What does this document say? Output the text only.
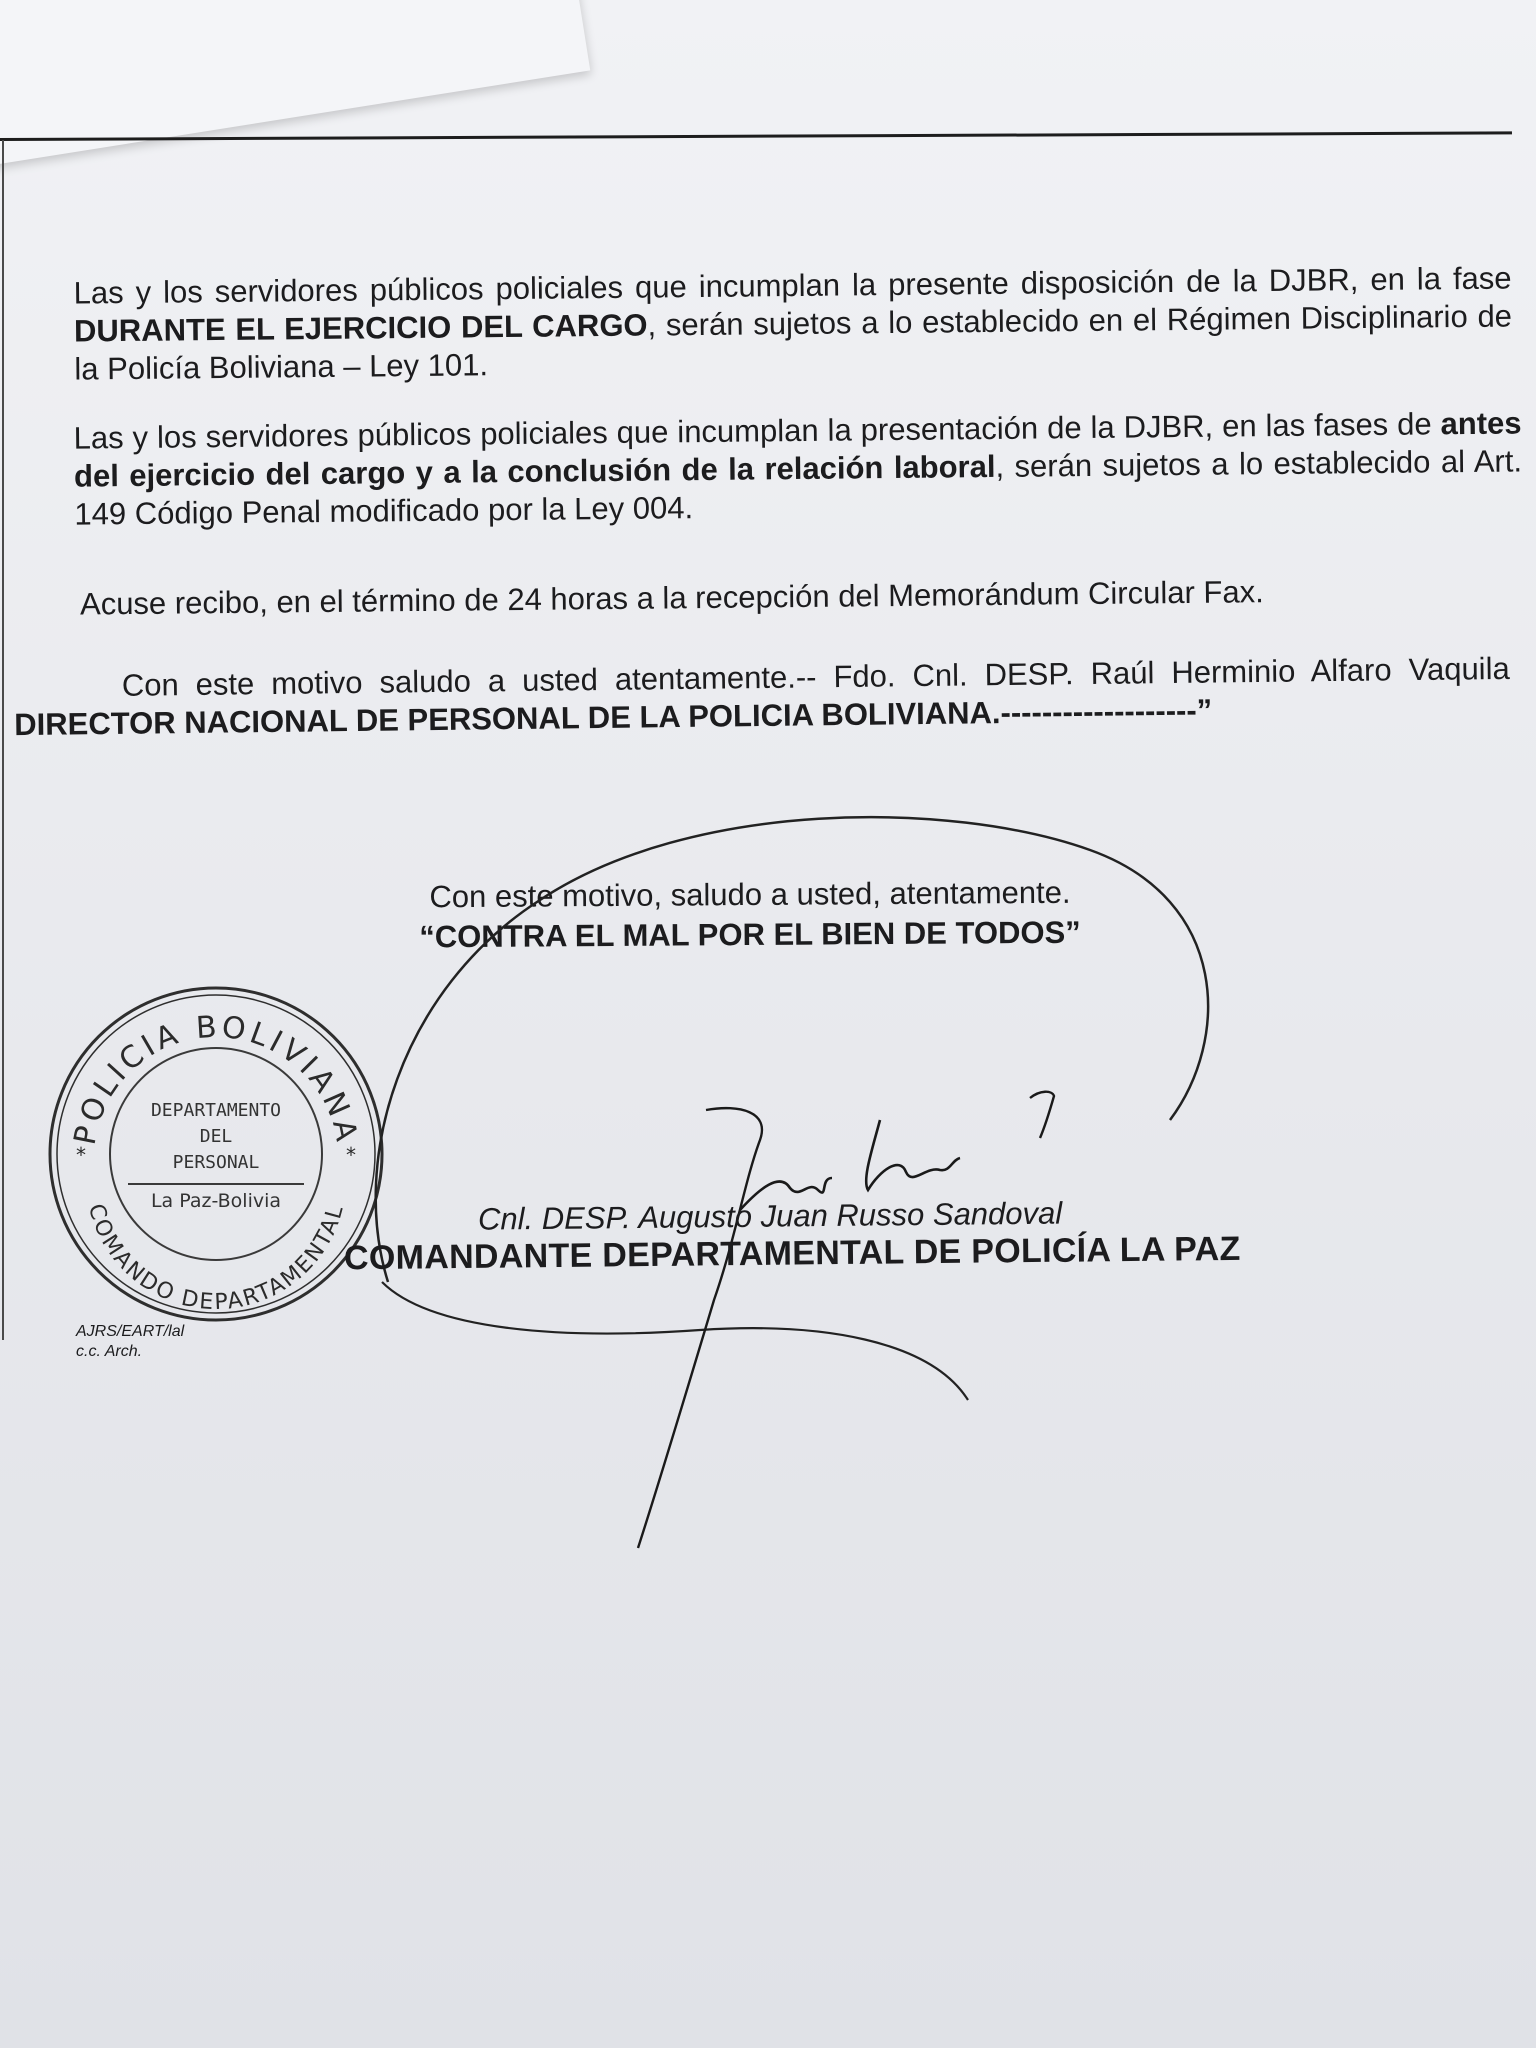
Las y los servidores públicos policiales que incumplan la presente disposición de la DJBR, en la fase DURANTE EL EJERCICIO DEL CARGO, serán sujetos a lo establecido en el Régimen Disciplinario de la Policía Boliviana – Ley 101.

Las y los servidores públicos policiales que incumplan la presentación de la DJBR, en las fases de antes del ejercicio del cargo y a la conclusión de la relación laboral, serán sujetos a lo establecido al Art. 149 Código Penal modificado por la Ley 004.

Acuse recibo, en el término de 24 horas a la recepción del Memorándum Circular Fax.

Con este motivo saludo a usted atentamente.-- Fdo. Cnl. DESP. Raúl Herminio Alfaro Vaquila DIRECTOR NACIONAL DE PERSONAL DE LA POLICIA BOLIVIANA.-------------------”

Con este motivo, saludo a usted, atentamente.
“CONTRA EL MAL POR EL BIEN DE TODOS”
POLICIA BOLIVIANA
COMANDO DEPARTAMENTAL
*	*
DEPARTAMENTO
DEL
PERSONAL
La Paz-Bolivia	Cnl. DESP. Augusto Juan Russo Sandoval
COMANDANTE DEPARTAMENTAL DE POLICÍA LA PAZ
AJRS/EART/lal
c.c. Arch.
